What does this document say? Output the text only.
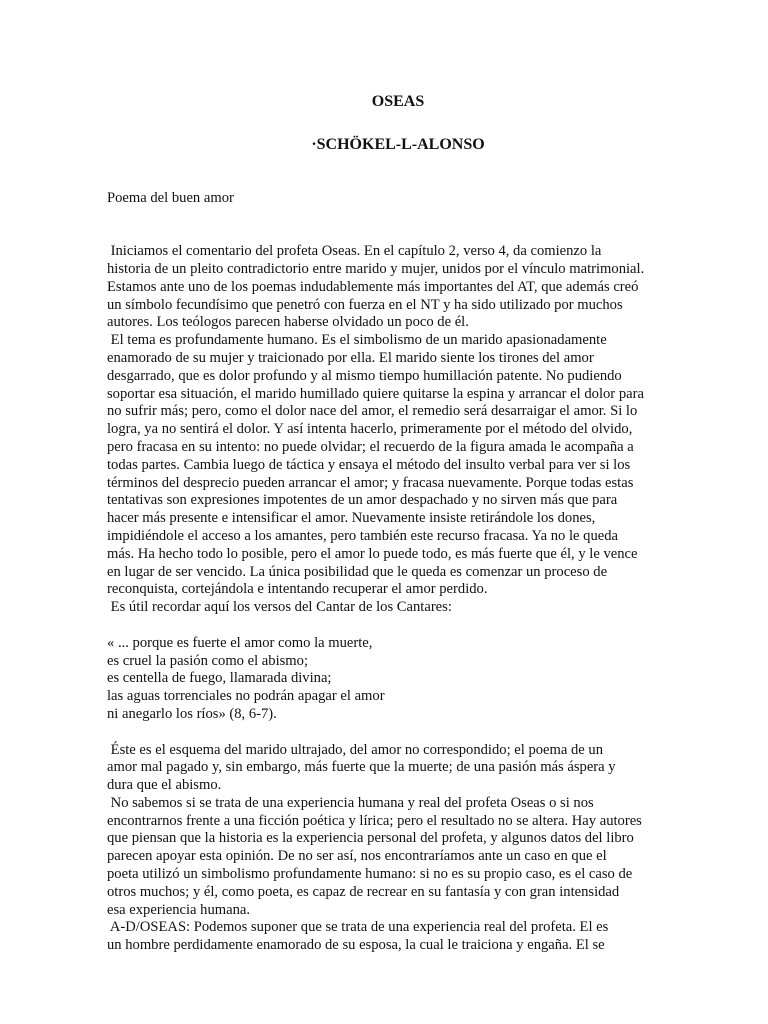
OSEAS
·SCHÖKEL-L-ALONSO

Poema del buen amor

Iniciamos el comentario del profeta Oseas. En el capítulo 2, verso 4, da comienzo la
historia de un pleito contradictorio entre marido y mujer, unidos por el vínculo matrimonial.
Estamos ante uno de los poemas indudablemente más importantes del AT, que además creó
un símbolo fecundísimo que penetró con fuerza en el NT y ha sido utilizado por muchos
autores. Los teólogos parecen haberse olvidado un poco de él.
El tema es profundamente humano. Es el simbolismo de un marido apasionadamente
enamorado de su mujer y traicionado por ella. El marido siente los tirones del amor
desgarrado, que es dolor profundo y al mismo tiempo humillación patente. No pudiendo
soportar esa situación, el marido humillado quiere quitarse la espina y arrancar el dolor para
no sufrir más; pero, como el dolor nace del amor, el remedio será desarraigar el amor. Si lo
logra, ya no sentirá el dolor. Y así intenta hacerlo, primeramente por el método del olvido,
pero fracasa en su intento: no puede olvidar; el recuerdo de la figura amada le acompaña a
todas partes. Cambia luego de táctica y ensaya el método del insulto verbal para ver si los
términos del desprecio pueden arrancar el amor; y fracasa nuevamente. Porque todas estas
tentativas son expresiones impotentes de un amor despachado y no sirven más que para
hacer más presente e intensificar el amor. Nuevamente insiste retirándole los dones,
impidiéndole el acceso a los amantes, pero también este recurso fracasa. Ya no le queda
más. Ha hecho todo lo posible, pero el amor lo puede todo, es más fuerte que él, y le vence
en lugar de ser vencido. La única posibilidad que le queda es comenzar un proceso de
reconquista, cortejándola e intentando recuperar el amor perdido.
Es útil recordar aquí los versos del Cantar de los Cantares:
« ... porque es fuerte el amor como la muerte,
es cruel la pasión como el abismo;
es centella de fuego, llamarada divina;
las aguas torrenciales no podrán apagar el amor
ni anegarlo los ríos» (8, 6-7).
Éste es el esquema del marido ultrajado, del amor no correspondido; el poema de un
amor mal pagado y, sin embargo, más fuerte que la muerte; de una pasión más áspera y
dura que el abismo.
No sabemos si se trata de una experiencia humana y real del profeta Oseas o si nos
encontrarnos frente a una ficción poética y lírica; pero el resultado no se altera. Hay autores
que piensan que la historia es la experiencia personal del profeta, y algunos datos del libro
parecen apoyar esta opinión. De no ser así, nos encontraríamos ante un caso en que el
poeta utilizó un simbolismo profundamente humano: si no es su propio caso, es el caso de
otros muchos; y él, como poeta, es capaz de recrear en su fantasía y con gran intensidad
esa experiencia humana.
A-D/OSEAS: Podemos suponer que se trata de una experiencia real del profeta. El es
un hombre perdidamente enamorado de su esposa, la cual le traiciona y engaña. El se
